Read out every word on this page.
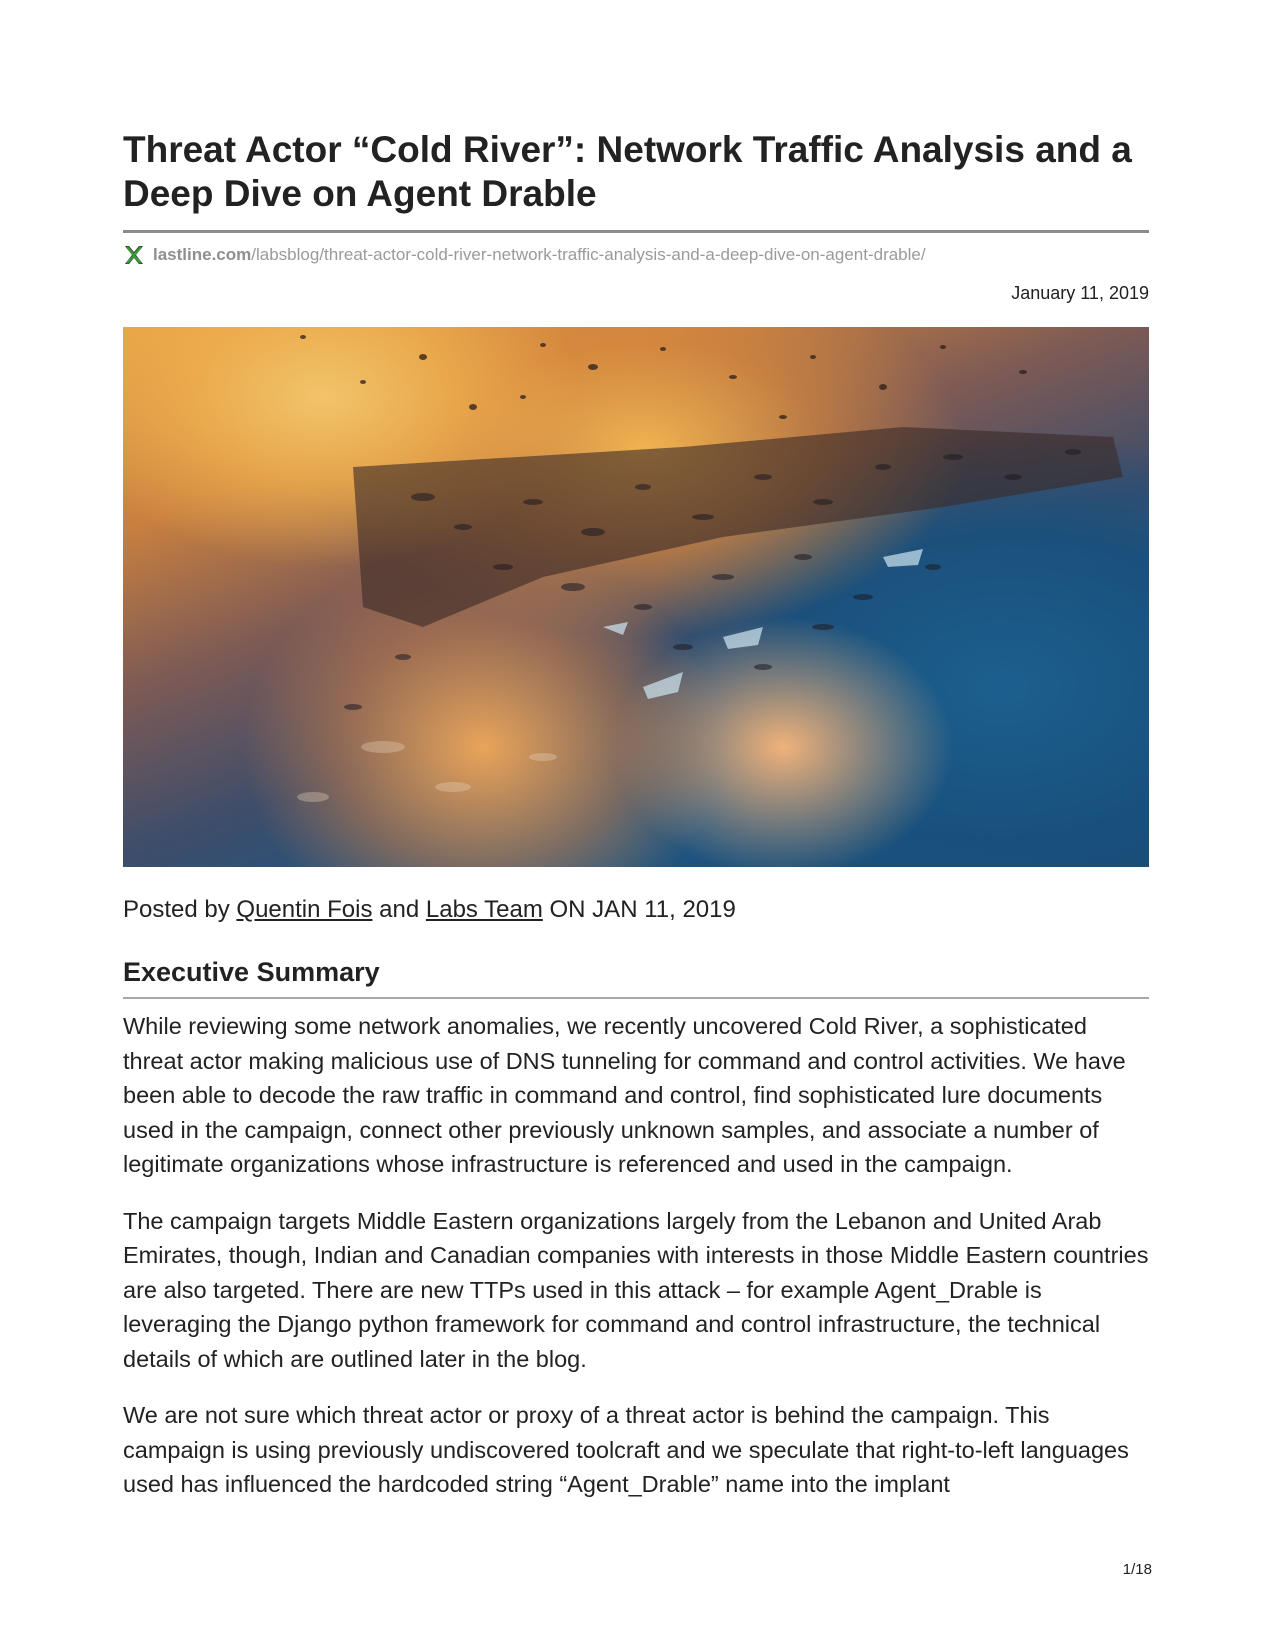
Threat Actor “Cold River”: Network Traffic Analysis and a Deep Dive on Agent Drable
lastline.com /labsblog/threat-actor-cold-river-network-traffic-analysis-and-a-deep-dive-on-agent-drable/
January 11, 2019
Posted by Quentin Fois and Labs Team ON JAN 11, 2019
Executive Summary

While reviewing some network anomalies, we recently uncovered Cold River, a sophisticated threat actor making malicious use of DNS tunneling for command and control activities. We have been able to decode the raw traffic in command and control, find sophisticated lure documents used in the campaign, connect other previously unknown samples, and associate a number of legitimate organizations whose infrastructure is referenced and used in the campaign.

The campaign targets Middle Eastern organizations largely from the Lebanon and United Arab Emirates, though, Indian and Canadian companies with interests in those Middle Eastern countries are also targeted. There are new TTPs used in this attack – for example Agent_Drable is leveraging the Django python framework for command and control infrastructure, the technical details of which are outlined later in the blog.

We are not sure which threat actor or proxy of a threat actor is behind the campaign. This campaign is using previously undiscovered toolcraft and we speculate that right-to-left languages used has influenced the hardcoded string “Agent_Drable” name into the implant

1/18
